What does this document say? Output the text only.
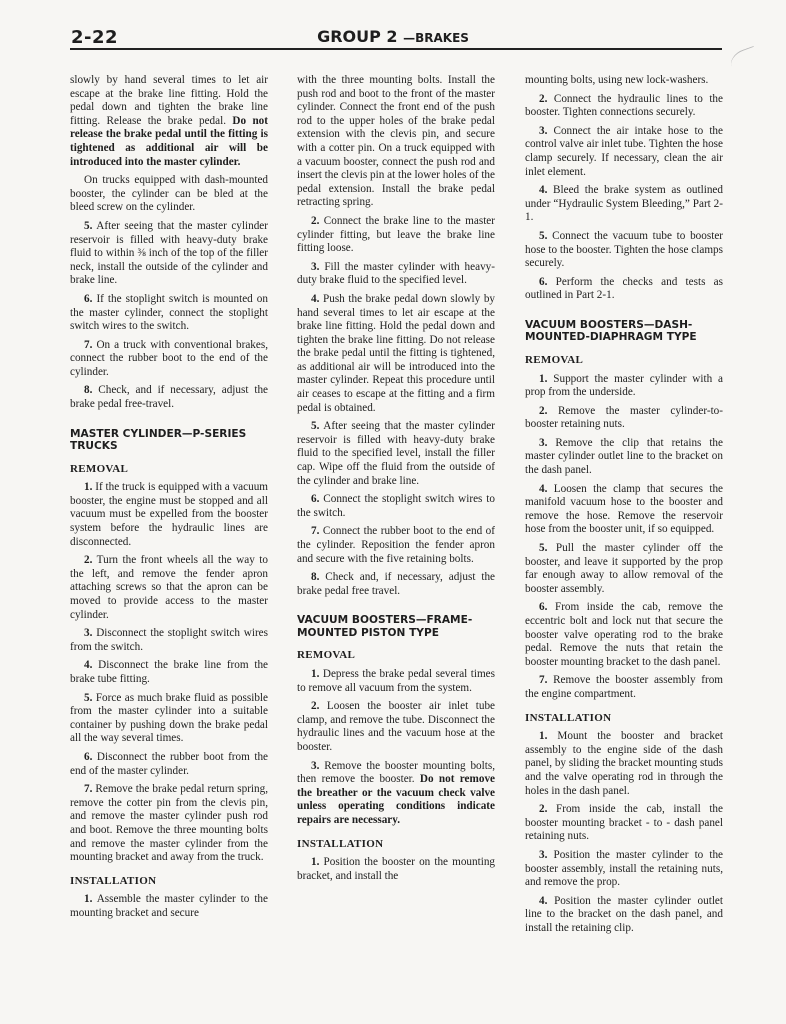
2-22	GROUP 2 —BRAKES

slowly by hand several times to let air escape at the brake line fitting. Hold the pedal down and tighten the brake line fitting. Release the brake pedal. Do not release the brake pedal until the fitting is tightened as additional air will be introduced into the master cylinder.

On trucks equipped with dash-mounted booster, the cylinder can be bled at the bleed screw on the cylinder.

5. After seeing that the master cylinder reservoir is filled with heavy-duty brake fluid to within ⅜ inch of the top of the filler neck, install the outside of the cylinder and brake line.

6. If the stoplight switch is mounted on the master cylinder, connect the stoplight switch wires to the switch.

7. On a truck with conventional brakes, connect the rubber boot to the end of the cylinder.

8. Check, and if necessary, adjust the brake pedal free-travel.

MASTER CYLINDER—P-SERIES TRUCKS
REMOVAL

1. If the truck is equipped with a vacuum booster, the engine must be stopped and all vacuum must be expelled from the booster system before the hydraulic lines are disconnected.

2. Turn the front wheels all the way to the left, and remove the fender apron attaching screws so that the apron can be moved to provide access to the master cylinder.

3. Disconnect the stoplight switch wires from the switch.

4. Disconnect the brake line from the brake tube fitting.

5. Force as much brake fluid as possible from the master cylinder into a suitable container by pushing down the brake pedal all the way several times.

6. Disconnect the rubber boot from the end of the master cylinder.

7. Remove the brake pedal return spring, remove the cotter pin from the clevis pin, and remove the master cylinder push rod and boot. Remove the three mounting bolts and remove the master cylinder from the mounting bracket and away from the truck.

INSTALLATION

1. Assemble the master cylinder to the mounting bracket and secure

with the three mounting bolts. Install the push rod and boot to the front of the master cylinder. Connect the front end of the push rod to the upper holes of the brake pedal extension with the clevis pin, and secure with a cotter pin. On a truck equipped with a vacuum booster, connect the push rod and insert the clevis pin at the lower holes of the pedal extension. Install the brake pedal retracting spring.

2. Connect the brake line to the master cylinder fitting, but leave the brake line fitting loose.

3. Fill the master cylinder with heavy-duty brake fluid to the specified level.

4. Push the brake pedal down slowly by hand several times to let air escape at the brake line fitting. Hold the pedal down and tighten the brake line fitting. Do not release the brake pedal until the fitting is tightened, as additional air will be introduced into the master cylinder. Repeat this procedure until air ceases to escape at the fitting and a firm pedal is obtained.

5. After seeing that the master cylinder reservoir is filled with heavy-duty brake fluid to the specified level, install the filler cap. Wipe off the fluid from the outside of the cylinder and brake line.

6. Connect the stoplight switch wires to the switch.

7. Connect the rubber boot to the end of the cylinder. Reposition the fender apron and secure with the five retaining bolts.

8. Check and, if necessary, adjust the brake pedal free travel.

VACUUM BOOSTERS—FRAME-MOUNTED PISTON TYPE
REMOVAL

1. Depress the brake pedal several times to remove all vacuum from the system.

2. Loosen the booster air inlet tube clamp, and remove the tube. Disconnect the hydraulic lines and the vacuum hose at the booster.

3. Remove the booster mounting bolts, then remove the booster. Do not remove the breather or the vacuum check valve unless operating conditions indicate repairs are necessary.

INSTALLATION

1. Position the booster on the mounting bracket, and install the

mounting bolts, using new lock-washers.

2. Connect the hydraulic lines to the booster. Tighten connections securely.

3. Connect the air intake hose to the control valve air inlet tube. Tighten the hose clamp securely. If necessary, clean the air inlet element.

4. Bleed the brake system as outlined under “Hydraulic System Bleeding,” Part 2-1.

5. Connect the vacuum tube to booster hose to the booster. Tighten the hose clamps securely.

6. Perform the checks and tests as outlined in Part 2-1.

VACUUM BOOSTERS—DASH-MOUNTED-DIAPHRAGM TYPE
REMOVAL

1. Support the master cylinder with a prop from the underside.

2. Remove the master cylinder-to-booster retaining nuts.

3. Remove the clip that retains the master cylinder outlet line to the bracket on the dash panel.

4. Loosen the clamp that secures the manifold vacuum hose to the booster and remove the hose. Remove the reservoir hose from the booster unit, if so equipped.

5. Pull the master cylinder off the booster, and leave it supported by the prop far enough away to allow removal of the booster assembly.

6. From inside the cab, remove the eccentric bolt and lock nut that secure the booster valve operating rod to the brake pedal. Remove the nuts that retain the booster mounting bracket to the dash panel.

7. Remove the booster assembly from the engine compartment.

INSTALLATION

1. Mount the booster and bracket assembly to the engine side of the dash panel, by sliding the bracket mounting studs and the valve operating rod in through the holes in the dash panel.

2. From inside the cab, install the booster mounting bracket - to - dash panel retaining nuts.

3. Position the master cylinder to the booster assembly, install the retaining nuts, and remove the prop.

4. Position the master cylinder outlet line to the bracket on the dash panel, and install the retaining clip.
